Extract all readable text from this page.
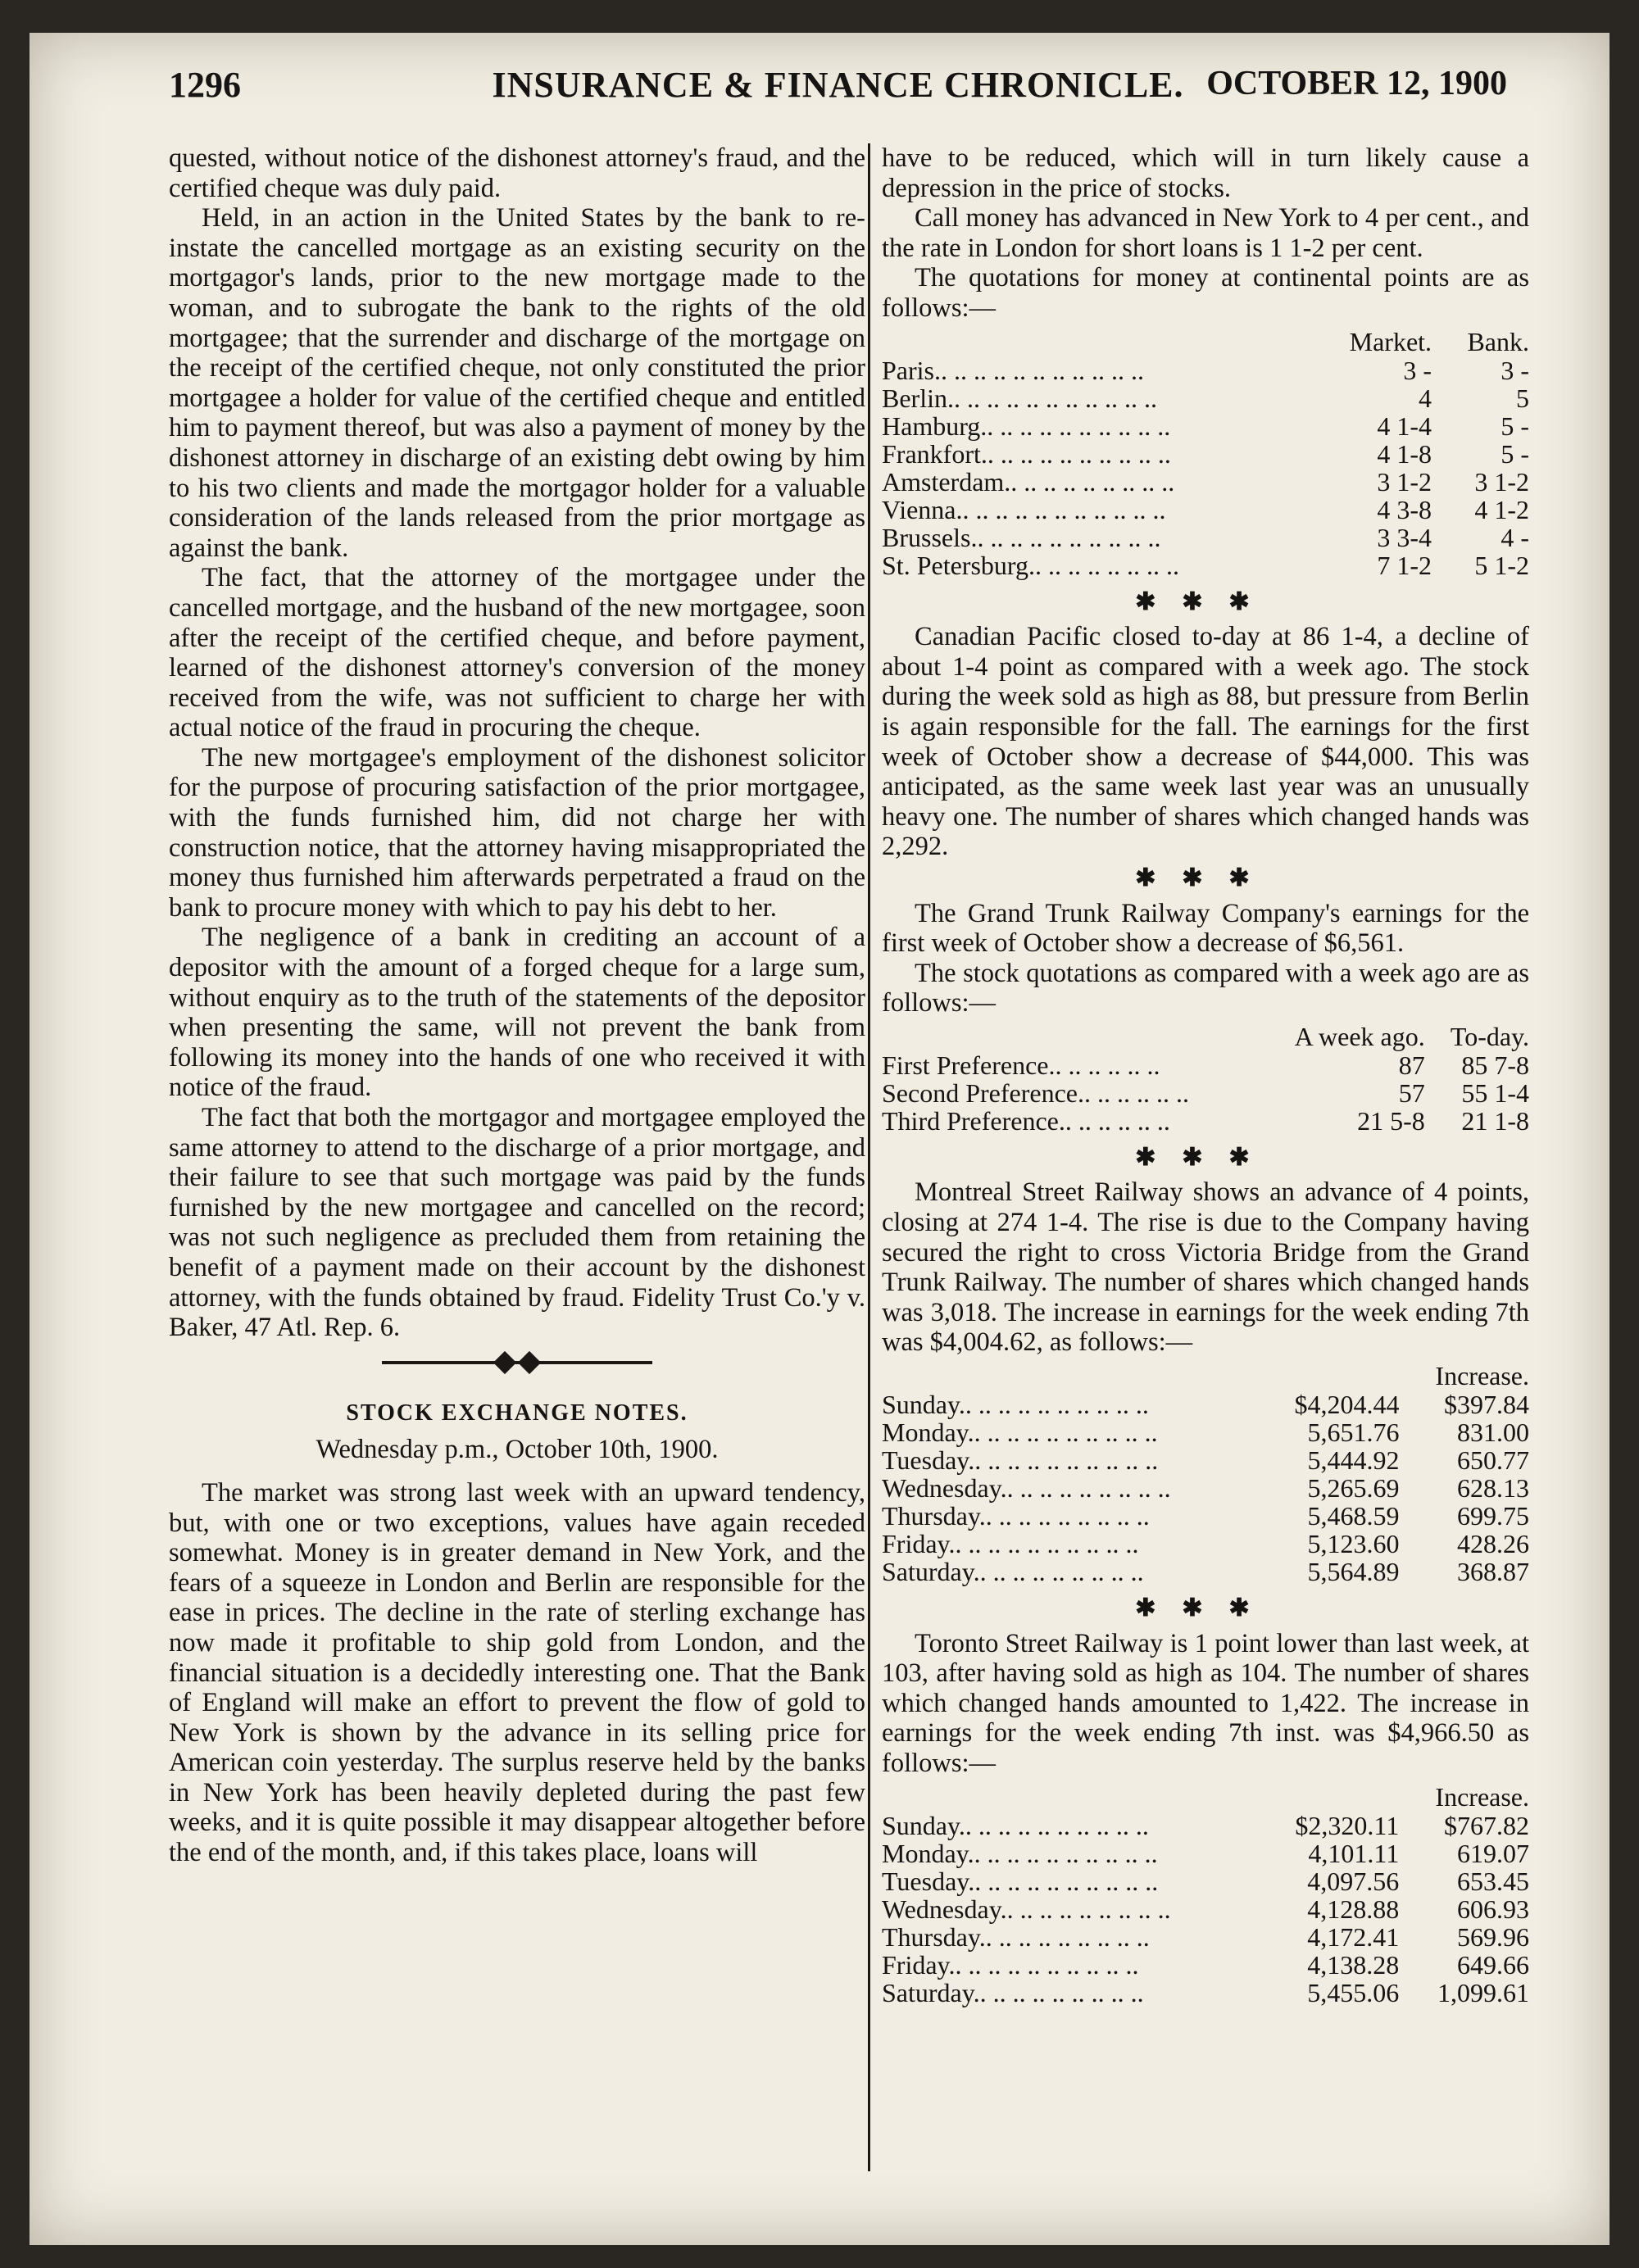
1296	INSURANCE & FINANCE CHRONICLE. OCTOBER 12, 1900

quested, without notice of the dishonest attorney's fraud, and the certified cheque was duly paid.

Held, in an action in the United States by the bank to re-instate the cancelled mortgage as an existing security on the mortgagor's lands, prior to the new mortgage made to the woman, and to subrogate the bank to the rights of the old mortgagee; that the surrender and discharge of the mortgage on the receipt of the certified cheque, not only constituted the prior mortgagee a holder for value of the certified cheque and entitled him to payment thereof, but was also a payment of money by the dishonest attorney in discharge of an existing debt owing by him to his two clients and made the mortgagor holder for a valuable consideration of the lands released from the prior mortgage as against the bank.

The fact, that the attorney of the mortgagee under the cancelled mortgage, and the husband of the new mortgagee, soon after the receipt of the certified cheque, and before payment, learned of the dishonest attorney's conversion of the money received from the wife, was not sufficient to charge her with actual notice of the fraud in procuring the cheque.

The new mortgagee's employment of the dishonest solicitor for the purpose of procuring satisfaction of the prior mortgagee, with the funds furnished him, did not charge her with construction notice, that the attorney having misappropriated the money thus furnished him afterwards perpetrated a fraud on the bank to procure money with which to pay his debt to her.

The negligence of a bank in crediting an account of a depositor with the amount of a forged cheque for a large sum, without enquiry as to the truth of the statements of the depositor when presenting the same, will not prevent the bank from following its money into the hands of one who received it with notice of the fraud.

The fact that both the mortgagor and mortgagee employed the same attorney to attend to the discharge of a prior mortgage, and their failure to see that such mortgage was paid by the funds furnished by the new mortgagee and cancelled on the record; was not such negligence as precluded them from retaining the benefit of a payment made on their account by the dishonest attorney, with the funds obtained by fraud. Fidelity Trust Co.'y v. Baker, 47 Atl. Rep. 6.

STOCK EXCHANGE NOTES.
Wednesday p.m., October 10th, 1900.

The market was strong last week with an upward tendency, but, with one or two exceptions, values have again receded somewhat. Money is in greater demand in New York, and the fears of a squeeze in London and Berlin are responsible for the ease in prices. The decline in the rate of sterling exchange has now made it profitable to ship gold from London, and the financial situation is a decidedly interesting one. That the Bank of England will make an effort to prevent the flow of gold to New York is shown by the advance in its selling price for American coin yesterday. The surplus reserve held by the banks in New York has been heavily depleted during the past few weeks, and it is quite possible it may disappear altogether before the end of the month, and, if this takes place, loans will

have to be reduced, which will in turn likely cause a depression in the price of stocks.

Call money has advanced in New York to 4 per cent., and the rate in London for short loans is 1 1-2 per cent.

The quotations for money at continental points are as follows:—

	Market.	Bank.
Paris.. .. .. .. .. .. .. .. .. .. ..	3 -	3 -
Berlin.. .. .. .. .. .. .. .. .. .. ..	4	5
Hamburg.. .. .. .. .. .. .. .. .. ..	4 1-4	5 -
Frankfort.. .. .. .. .. .. .. .. .. ..	4 1-8	5 -
Amsterdam.. .. .. .. .. .. .. .. ..	3 1-2	3 1-2
Vienna.. .. .. .. .. .. .. .. .. .. ..	4 3-8	4 1-2
Brussels.. .. .. .. .. .. .. .. .. ..	3 3-4	4 -
St. Petersburg.. .. .. .. .. .. .. ..	7 1-2	5 1-2
✱✱✱

Canadian Pacific closed to-day at 86 1-4, a decline of about 1-4 point as compared with a week ago. The stock during the week sold as high as 88, but pressure from Berlin is again responsible for the fall. The earnings for the first week of October show a decrease of $44,000. This was anticipated, as the same week last year was an unusually heavy one. The number of shares which changed hands was 2,292.

✱✱✱

The Grand Trunk Railway Company's earnings for the first week of October show a decrease of $6,561.

The stock quotations as compared with a week ago are as follows:—

	A week ago.	To-day.
First Preference.. .. .. .. .. ..	87	85 7-8
Second Preference.. .. .. .. .. ..	57	55 1-4
Third Preference.. .. .. .. .. ..	21 5-8	21 1-8
✱✱✱

Montreal Street Railway shows an advance of 4 points, closing at 274 1-4. The rise is due to the Company having secured the right to cross Victoria Bridge from the Grand Trunk Railway. The number of shares which changed hands was 3,018. The increase in earnings for the week ending 7th was $4,004.62, as follows:—

		Increase.
Sunday.. .. .. .. .. .. .. .. .. ..	$4,204.44	$397.84
Monday.. .. .. .. .. .. .. .. .. ..	5,651.76	831.00
Tuesday.. .. .. .. .. .. .. .. .. ..	5,444.92	650.77
Wednesday.. .. .. .. .. .. .. .. ..	5,265.69	628.13
Thursday.. .. .. .. .. .. .. .. ..	5,468.59	699.75
Friday.. .. .. .. .. .. .. .. .. ..	5,123.60	428.26
Saturday.. .. .. .. .. .. .. .. ..	5,564.89	368.87
✱✱✱

Toronto Street Railway is 1 point lower than last week, at 103, after having sold as high as 104. The number of shares which changed hands amounted to 1,422. The increase in earnings for the week ending 7th inst. was $4,966.50 as follows:—

		Increase.
Sunday.. .. .. .. .. .. .. .. .. ..	$2,320.11	$767.82
Monday.. .. .. .. .. .. .. .. .. ..	4,101.11	619.07
Tuesday.. .. .. .. .. .. .. .. .. ..	4,097.56	653.45
Wednesday.. .. .. .. .. .. .. .. ..	4,128.88	606.93
Thursday.. .. .. .. .. .. .. .. ..	4,172.41	569.96
Friday.. .. .. .. .. .. .. .. .. ..	4,138.28	649.66
Saturday.. .. .. .. .. .. .. .. ..	5,455.06	1,099.61
